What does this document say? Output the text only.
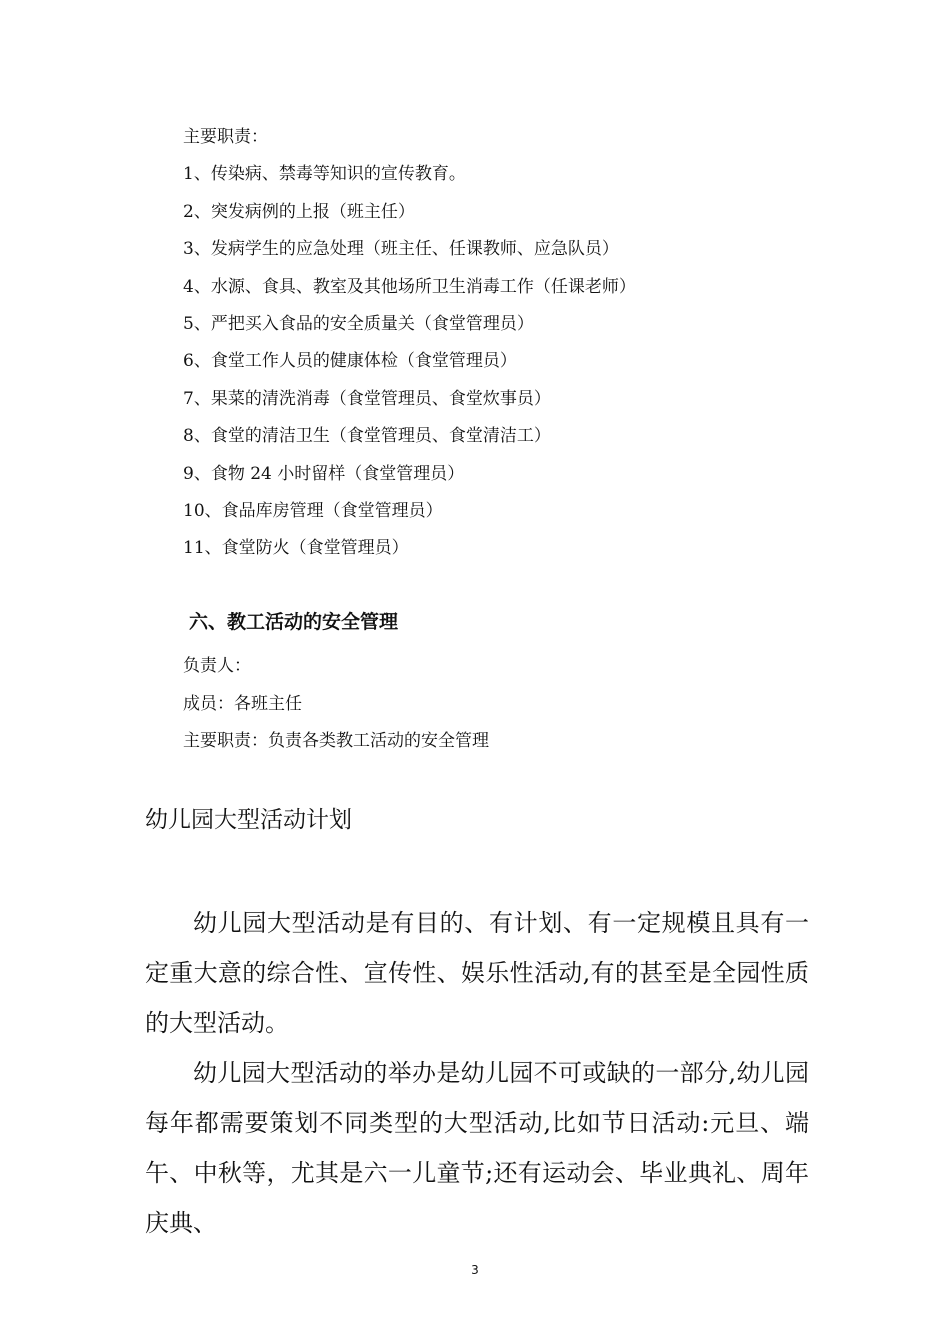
主要职责：
1、传染病、禁毒等知识的宣传教育。
2、突发病例的上报（班主任）
3、发病学生的应急处理（班主任、任课教师、应急队员）
4、水源、食具、教室及其他场所卫生消毒工作（任课老师）
5、严把买入食品的安全质量关（食堂管理员）
6、食堂工作人员的健康体检（食堂管理员）
7、果菜的清洗消毒（食堂管理员、食堂炊事员）
8、食堂的清洁卫生（食堂管理员、食堂清洁工）
9、食物 24 小时留样（食堂管理员）
10、食品库房管理（食堂管理员）
11、食堂防火（食堂管理员）
六、教工活动的安全管理
负责人：
成员：各班主任
主要职责：负责各类教工活动的安全管理
幼儿园大型活动计划

幼儿园大型活动是有目的、有计划、有一定规模且具有一定重大意的综合性、宣传性、娱乐性活动,有的甚至是全园性质的大型活动。

幼儿园大型活动的举办是幼儿园不可或缺的一部分,幼儿园每年都需要策划不同类型的大型活动,比如节日活动:元旦、端午、中秋等，尤其是六一儿童节;还有运动会、毕业典礼、周年庆典、

3
